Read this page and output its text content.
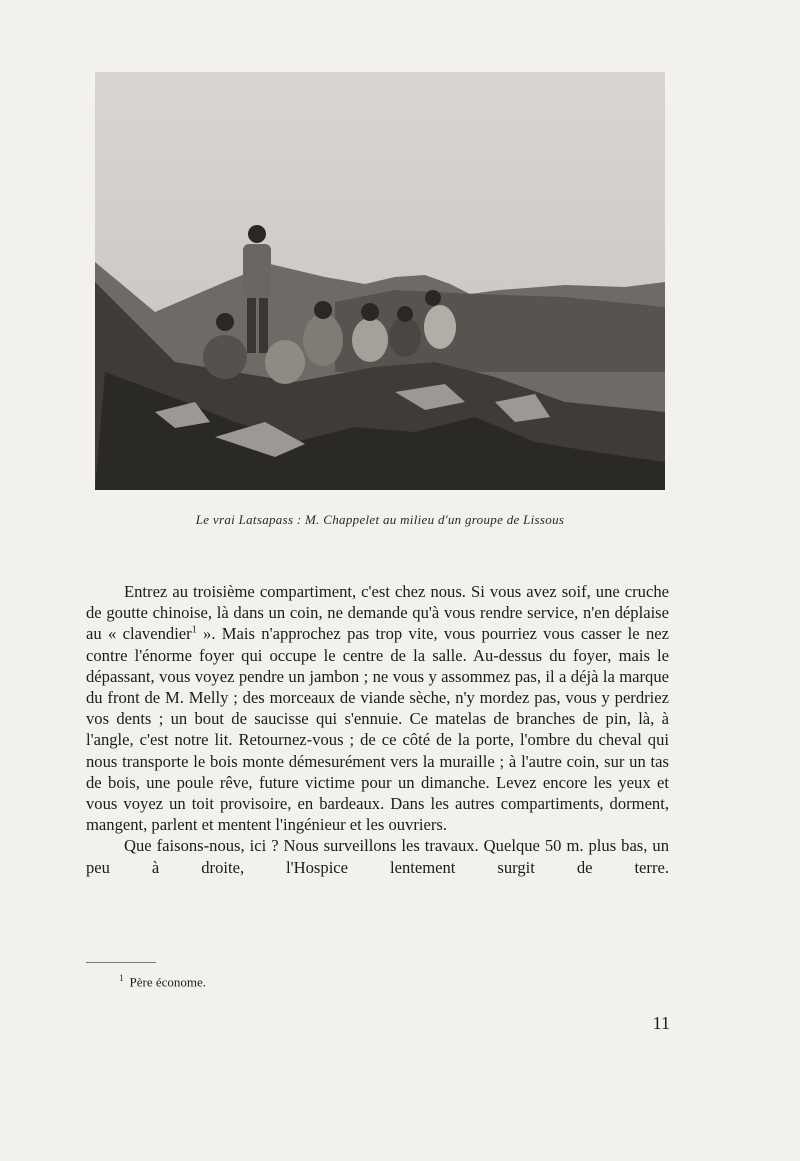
Le vrai Latsapass : M. Chappelet au milieu d'un groupe de Lissous

Entrez au troisième compartiment, c'est chez nous. Si vous avez soif, une cruche de goutte chinoise, là dans un coin, ne demande qu'à vous rendre service, n'en déplaise au « clavendier$^1$ ». Mais n'approchez pas trop vite, vous pourriez vous casser le nez contre l'énorme foyer qui occupe le centre de la salle. Au-dessus du foyer, mais le dépassant, vous voyez pendre un jambon ; ne vous y assommez pas, il a déjà la marque du front de M. Melly ; des morceaux de viande sèche, n'y mordez pas, vous y perdriez vos dents ; un bout de saucisse qui s'ennuie. Ce matelas de branches de pin, là, à l'angle, c'est notre lit. Retournez-vous ; de ce côté de la porte, l'ombre du cheval qui nous transporte le bois monte démesurément vers la muraille ; à l'autre coin, sur un tas de bois, une poule rêve, future victime pour un dimanche. Levez encore les yeux et vous voyez un toit provisoire, en bardeaux. Dans les autres compartiments, dorment, mangent, parlent et mentent l'ingénieur et les ouvriers.

Que faisons-nous, ici ? Nous surveillons les travaux. Quelque 50 m. plus bas, un peu à droite, l'Hospice lentement surgit de terre.

$^1$ Père économe.
11
